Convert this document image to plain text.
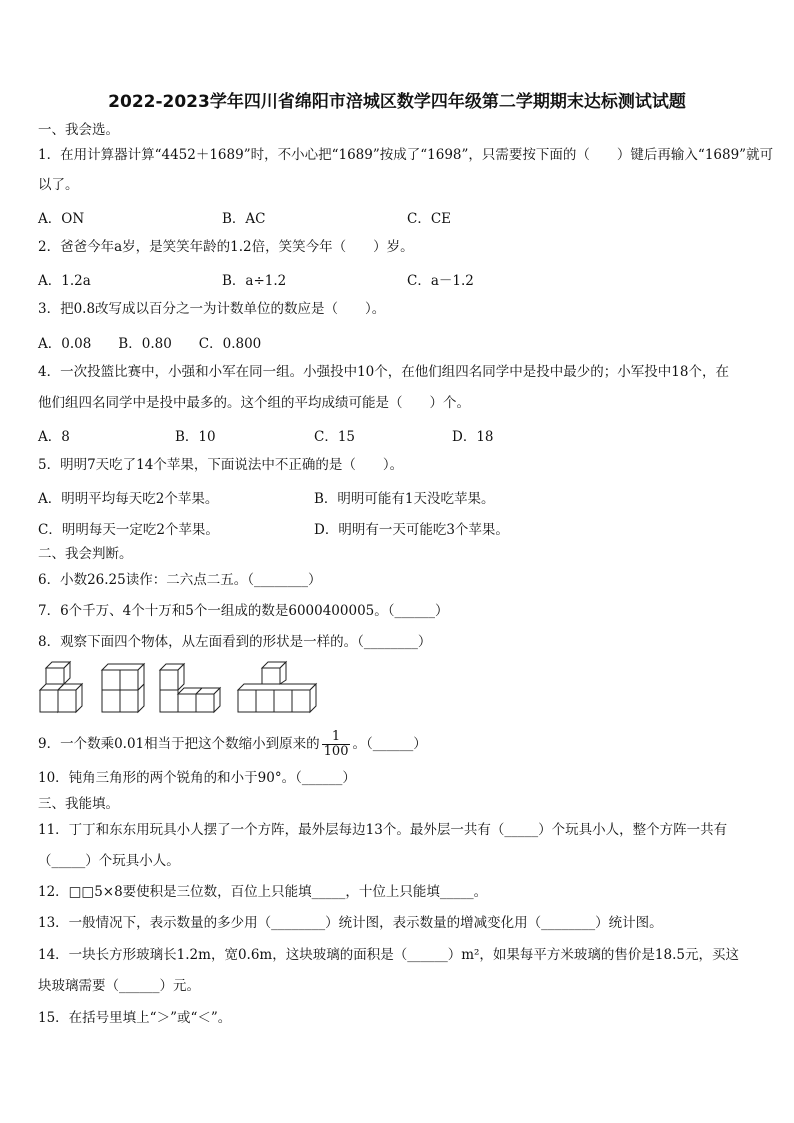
2022-2023学年四川省绵阳市涪城区数学四年级第二学期期末达标测试试题
一、我会选。
1．在用计算器计算“4452＋1689”时，不小心把“1689”按成了“1698”，只需要按下面的（　　）键后再输入“1689”就可
以了。
A．ON	B．AC	C．CE
2．爸爸今年a岁，是笑笑年龄的1.2倍，笑笑今年（　　）岁。
A．1.2a	B．a÷1.2	C．a－1.2
3．把0.8改写成以百分之一为计数单位的数应是（　　）。
A．0.08　　B．0.80　　C．0.800
4．一次投篮比赛中，小强和小军在同一组。小强投中10个，在他们组四名同学中是投中最少的；小军投中18个，在
他们组四名同学中是投中最多的。这个组的平均成绩可能是（　　）个。
A．8	B．10	C．15	D．18
5．明明7天吃了14个苹果，下面说法中不正确的是（　　）。
A．明明平均每天吃2个苹果。	B．明明可能有1天没吃苹果。
C．明明每天一定吃2个苹果。	D．明明有一天可能吃3个苹果。
二、我会判断。
6．小数26.25读作：二六点二五。（________）
7．6个千万、4个十万和5个一组成的数是6000400005。（______）
8．观察下面四个物体，从左面看到的形状是一样的。（________）
9．一个数乘0.01相当于把这个数缩小到原来的 $\frac{1}{100}$ 。（______）
10．钝角三角形的两个锐角的和小于90°。（______）
三、我能填。
11．丁丁和东东用玩具小人摆了一个方阵，最外层每边13个。最外层一共有（_____）个玩具小人，整个方阵一共有
（_____）个玩具小人。
12．□□5×8要使积是三位数，百位上只能填_____，十位上只能填_____。
13．一般情况下，表示数量的多少用（________）统计图，表示数量的增减变化用（________）统计图。
14．一块长方形玻璃长1.2m，宽0.6m，这块玻璃的面积是（______）m²，如果每平方米玻璃的售价是18.5元，买这
块玻璃需要（______）元。
15．在括号里填上“＞”或“＜”。
